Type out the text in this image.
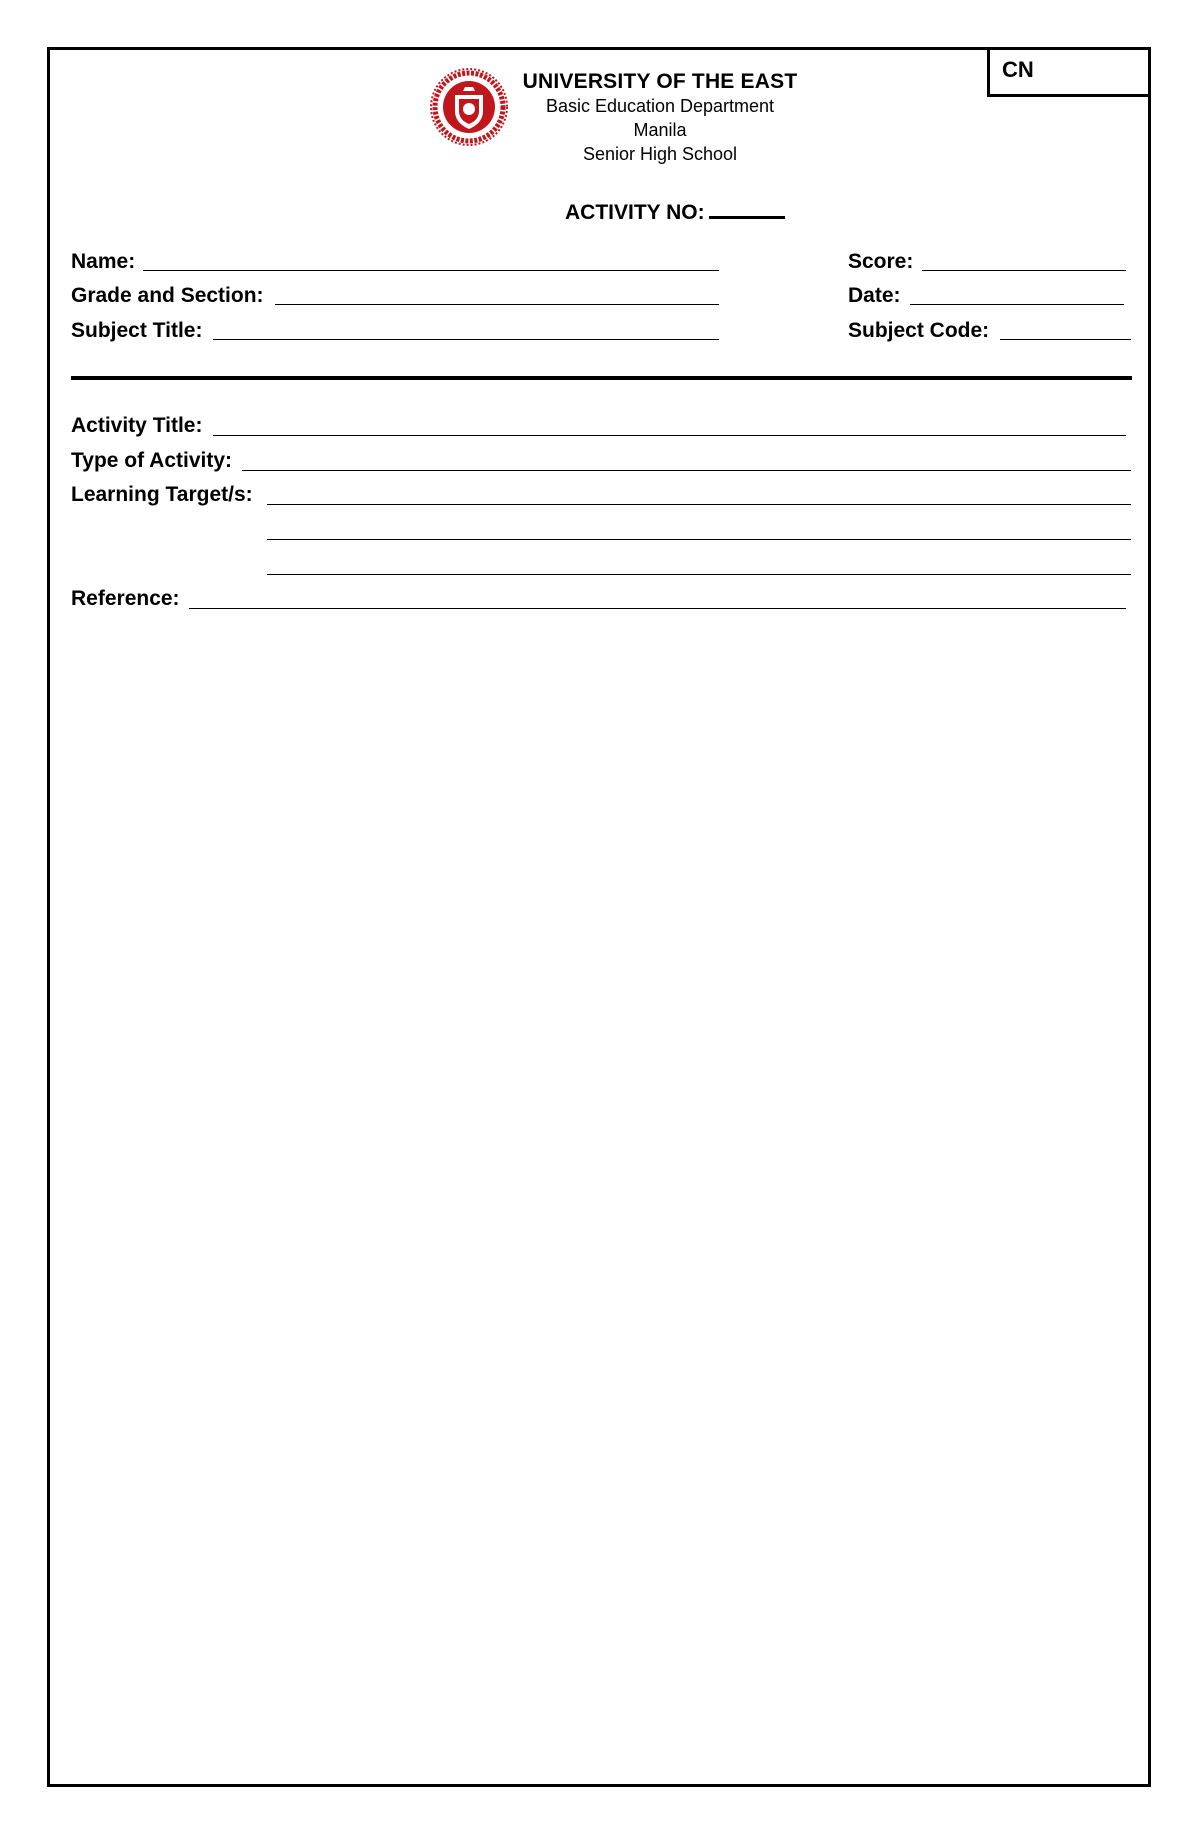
CN
UNIVERSITY OF THE EAST
Basic Education Department
Manila
Senior High School
ACTIVITY NO:
Name:
Grade and Section:
Subject Title:
Score:
Date:
Subject Code:
Activity Title:
Type of Activity:
Learning Target/s:
Reference:
